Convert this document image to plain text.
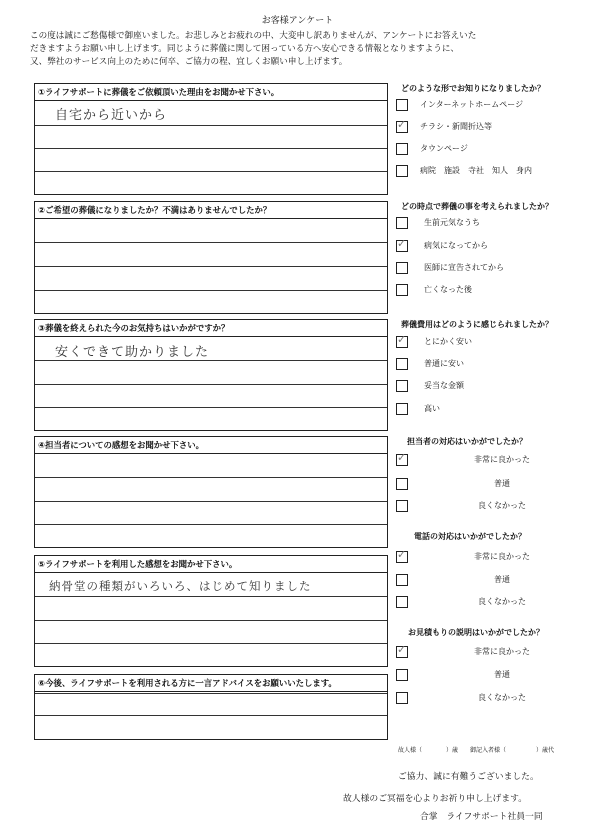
お客様アンケート
この度は誠にご愁傷様で御座いました。お悲しみとお疲れの中、大変申し訳ありませんが、アンケートにお答えいた
だきますようお願い申し上げます。同じように葬儀に関して困っている方へ安心できる情報となりますように、
又、弊社のサービス向上のために何卒、ご協力の程、宜しくお願い申し上げます。
①ライフサポートに葬儀をご依頼頂いた理由をお聞かせ下さい。
自宅から近いから
②ご希望の葬儀になりましたか？不満はありませんでしたか？
③葬儀を終えられた今のお気持ちはいかがですか？
安くできて助かりました
④担当者についての感想をお聞かせ下さい。
⑤ライフサポートを利用した感想をお聞かせ下さい。
納骨堂の種類がいろいろ、はじめて知りました
⑥今後、ライフサポートを利用される方に一言アドバイスをお願いいたします。
どのような形でお知りになりましたか？
インターネットホームページ
✓ チラシ・新聞折込等
タウンページ
病院　施設　寺社　知人　身内
どの時点で葬儀の事を考えられましたか？
生前元気なうち
✓ 病気になってから
医師に宣告されてから
亡くなった後
葬儀費用はどのように感じられましたか？
✓ とにかく安い
普通に安い
妥当な金額
高い
担当者の対応はいかがでしたか？
✓	非常に良かった
普通
良くなかった
電話の対応はいかがでしたか？
✓	非常に良かった
普通
良くなかった
お見積もりの説明はいかがでしたか？
✓	非常に良かった
普通
良くなかった
故人様（　　　　）歳　　御記入者様（　　　　　）歳代
ご協力、誠に有難うございました。
故人様のご冥福を心よりお祈り申し上げます。
合掌　ライフサポート社員一同
